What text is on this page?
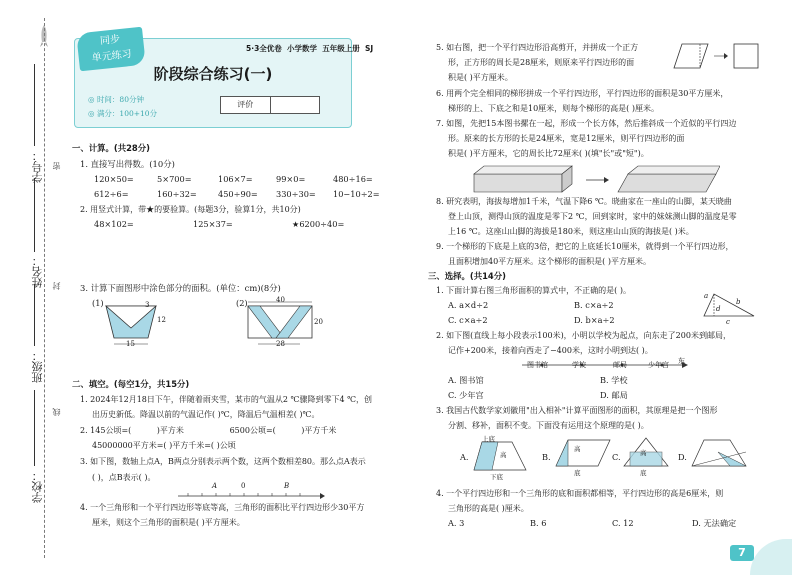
学号：
姓名：
班级：
学校：
密
封
线
同步
单元练习
5·3全优卷  小学数学  五年级上册  SJ
阶段综合练习(一)
◎ 时间：80分钟
◎ 满分：100+10分
评价
一、计算。(共28分)
1. 直接写出得数。(10分)
120×50=	5×700=	106×7=	99×0=	480÷16=
612÷6=	160÷32=	450÷90= 330÷30= 10−10÷2=
2. 用竖式计算，带★的要验算。(每题3分，验算1分，共10分)
48×102=	125×37=	★6200÷40=
3. 计算下面图形中涂色部分的面积。(单位：cm)(8分)
(1)
12
15
3	(2)	40
20
28
二、填空。(每空1分，共15分)
1. 2024年12月18日下午，伴随着雨夹雪，某市的气温从2 ℃骤降到零下4 ℃，创
出历史新低。降温以前的气温记作( )℃，降温后气温相差( )℃。
2. 145公顷=(          )平方米                  6500公顷=(          )平方千米
45000000平方米=( )平方千米=( )公顷
3. 如下图，数轴上点A，B两点分别表示两个数，这两个数相差80。那么点A表示
( )，点B表示( )。
A	0	B
4. 一个三角形和一个平行四边形等底等高，三角形的面积比平行四边形少30平方
厘米，则这个三角形的面积是( )平方厘米。
5. 如右图，把一个平行四边形沿高剪开，并拼成一个正方
形，正方形的周长是28厘米，则原来平行四边形的面
积是( )平方厘米。
6. 用两个完全相同的梯形拼成一个平行四边形，平行四边形的面积是30平方厘米，
梯形的上、下底之和是10厘米，则每个梯形的高是( )厘米。
7. 如图，先把15本图书摞在一起，形成一个长方体，然后推斜成一个近似的平行四边
形。原来的长方形的长是24厘米，宽是12厘米，则平行四边形的面
积是( )平方厘米，它的周长比72厘米( )(填"长"或"短")。
8. 研究表明，海拔每增加1千米，气温下降6 ℃。晓曲家在一座山的山脚，某天晓曲
登上山顶，测得山顶的温度是零下2 ℃，回到家时，家中的妹妹测山脚的温度是零
上16 ℃。这座山山脚的海拔是180米，则这座山山顶的海拔是( )米。
9. 一个梯形的下底是上底的3倍，把它的上底延长10厘米，就得到一个平行四边形，
且面积增加40平方厘米。这个梯形的面积是( )平方厘米。
三、选择。(共14分)
1. 下面计算右图三角形面积的算式中，不正确的是( )。
A. a×d÷2	B. c×a÷2
C. c×a÷2	D. b×a÷2
a
b
d
c
2. 如下图(直线上每小段表示100米)，小明以学校为起点，向东走了200米到邮局，
记作+200米，接着向西走了−400米，这时小明到达( )。
图书馆	学校	邮局	少年宫 东
A. 图书馆	B. 学校
C. 少年宫	D. 邮局
3. 我国古代数学家刘徽用"出入相补"计算平面图形的面积，其原理是把一个图形
分割、移补，面积不变。下面没有运用这个原理的是( )。
A.
上底
高
下底
B.
高
底
C.	高
底
D.
4. 一个平行四边形和一个三角形的底和面积都相等，平行四边形的高是6厘米，则
三角形的高是( )厘米。
A. 3	B. 6	C. 12	D. 无法确定
7
